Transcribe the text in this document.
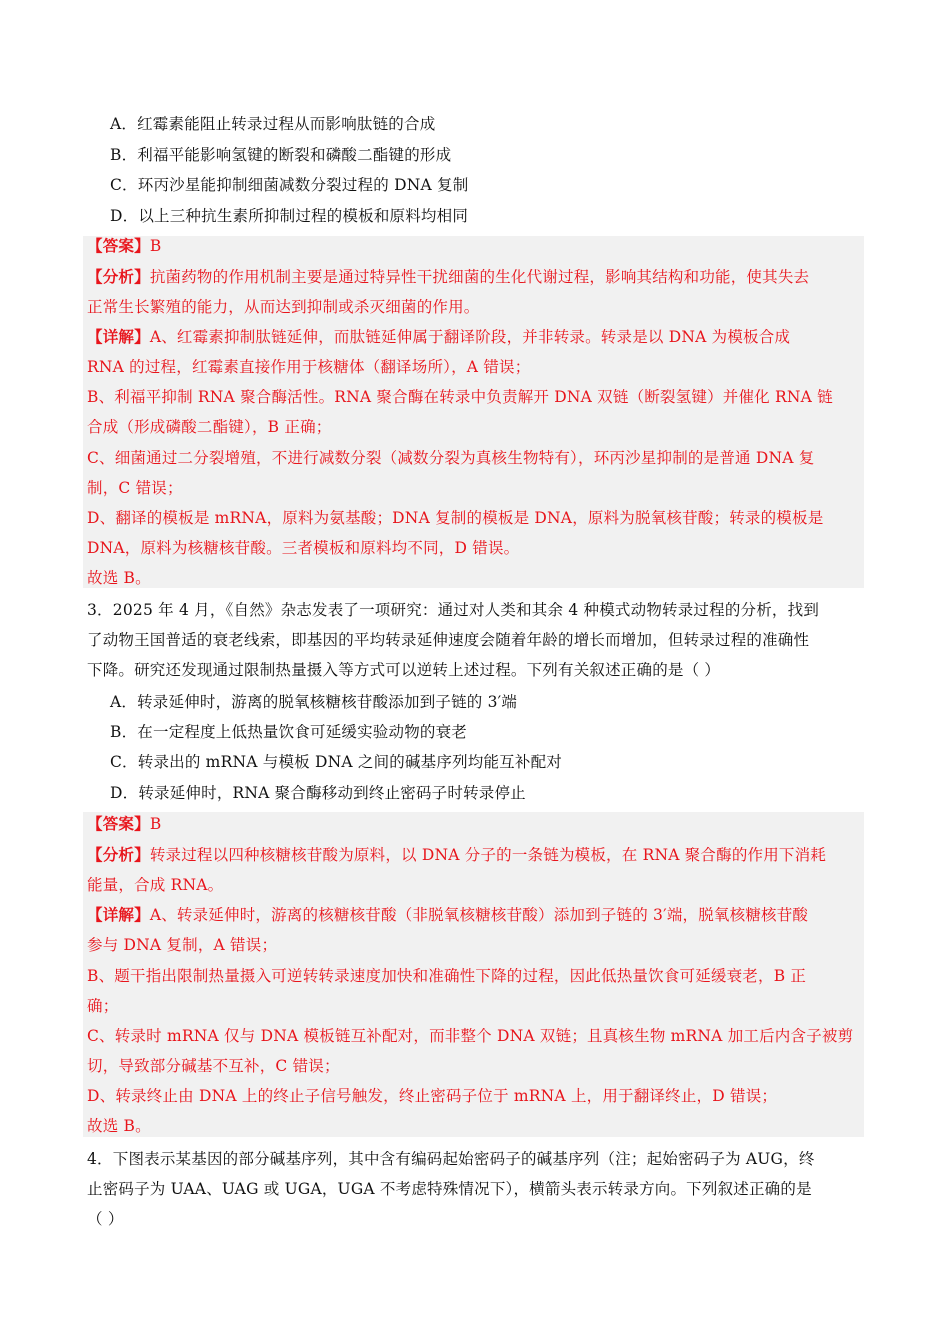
A．红霉素能阻止转录过程从而影响肽链的合成
B．利福平能影响氢键的断裂和磷酸二酯键的形成
C．环丙沙星能抑制细菌减数分裂过程的 DNA 复制
D．以上三种抗生素所抑制过程的模板和原料均相同
【答案】B
【分析】抗菌药物的作用机制主要是通过特异性干扰细菌的生化代谢过程，影响其结构和功能，使其失去
正常生长繁殖的能力，从而达到抑制或杀灭细菌的作用。
【详解】A、红霉素抑制肽链延伸，而肽链延伸属于翻译阶段，并非转录。转录是以 DNA 为模板合成
RNA 的过程，红霉素直接作用于核糖体（翻译场所），A 错误；
B、利福平抑制 RNA 聚合酶活性。RNA 聚合酶在转录中负责解开 DNA 双链（断裂氢键）并催化 RNA 链
合成（形成磷酸二酯键），B 正确；
C、细菌通过二分裂增殖，不进行减数分裂（减数分裂为真核生物特有），环丙沙星抑制的是普通 DNA 复
制，C 错误；
D、翻译的模板是 mRNA，原料为氨基酸；DNA 复制的模板是 DNA，原料为脱氧核苷酸；转录的模板是
DNA，原料为核糖核苷酸。三者模板和原料均不同，D 错误。
故选 B。
3．2025 年 4 月，《自然》杂志发表了一项研究：通过对人类和其余 4 种模式动物转录过程的分析，找到
了动物王国普适的衰老线索，即基因的平均转录延伸速度会随着年龄的增长而增加，但转录过程的准确性
下降。研究还发现通过限制热量摄入等方式可以逆转上述过程。下列有关叙述正确的是（ ）
A．转录延伸时，游离的脱氧核糖核苷酸添加到子链的 3′端
B．在一定程度上低热量饮食可延缓实验动物的衰老
C．转录出的 mRNA 与模板 DNA 之间的碱基序列均能互补配对
D．转录延伸时，RNA 聚合酶移动到终止密码子时转录停止
【答案】B
【分析】转录过程以四种核糖核苷酸为原料，以 DNA 分子的一条链为模板，在 RNA 聚合酶的作用下消耗
能量，合成 RNA。
【详解】A、转录延伸时，游离的核糖核苷酸（非脱氧核糖核苷酸）添加到子链的 3′端，脱氧核糖核苷酸
参与 DNA 复制，A 错误；
B、题干指出限制热量摄入可逆转转录速度加快和准确性下降的过程，因此低热量饮食可延缓衰老，B 正
确；
C、转录时 mRNA 仅与 DNA 模板链互补配对，而非整个 DNA 双链；且真核生物 mRNA 加工后内含子被剪
切，导致部分碱基不互补，C 错误；
D、转录终止由 DNA 上的终止子信号触发，终止密码子位于 mRNA 上，用于翻译终止，D 错误；
故选 B。
4．下图表示某基因的部分碱基序列，其中含有编码起始密码子的碱基序列（注；起始密码子为 AUG，终
止密码子为 UAA、UAG 或 UGA，UGA 不考虑特殊情况下），横箭头表示转录方向。下列叙述正确的是
（ ）
